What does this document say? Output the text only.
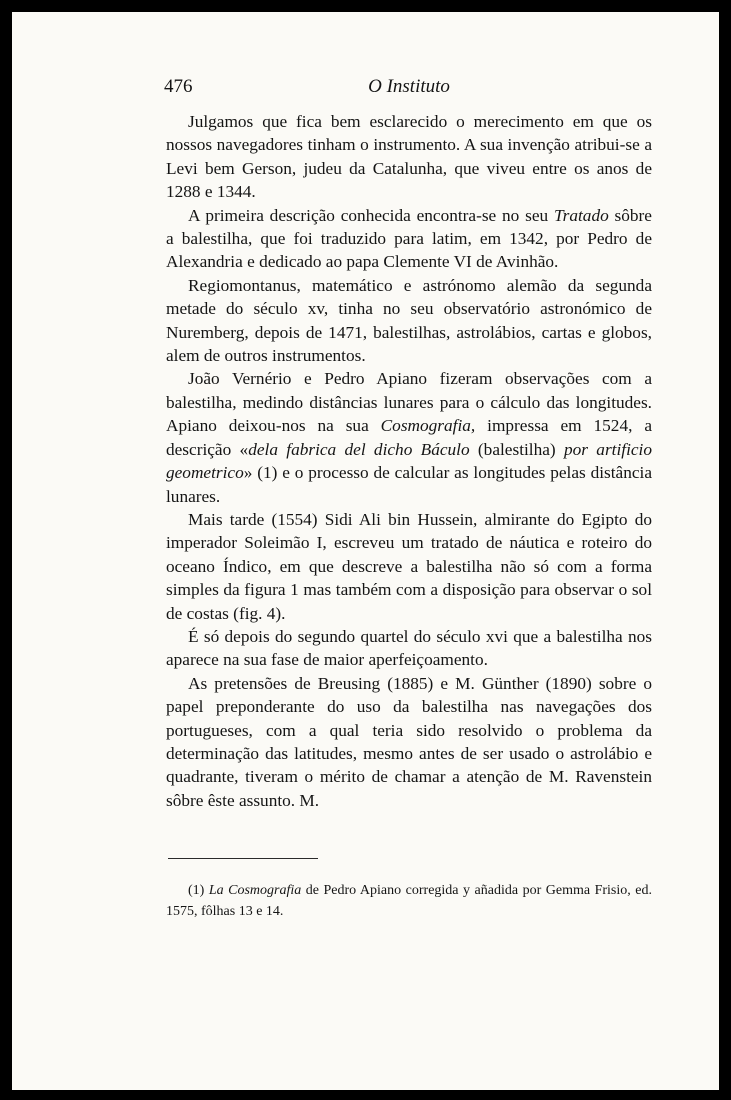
476	O Instituto

Julgamos que fica bem esclarecido o merecimento em que os nossos navegadores tinham o instrumento. A sua invenção atribui-se a Levi bem Gerson, judeu da Catalunha, que viveu entre os anos de 1288 e 1344.

A primeira descrição conhecida encontra-se no seu Tratado sôbre a balestilha, que foi traduzido para latim, em 1342, por Pedro de Alexandria e dedicado ao papa Clemente VI de Avinhão.

Regiomontanus, matemático e astrónomo alemão da segunda metade do século xv, tinha no seu observatório astronómico de Nuremberg, depois de 1471, balestilhas, astrolábios, cartas e globos, alem de outros instrumentos.

João Vernério e Pedro Apiano fizeram observações com a balestilha, medindo distâncias lunares para o cálculo das longitudes. Apiano deixou-nos na sua Cosmografia, impressa em 1524, a descrição «dela fabrica del dicho Báculo (balestilha) por artificio geometrico» (1) e o processo de calcular as longitudes pelas distância lunares.

Mais tarde (1554) Sidi Ali bin Hussein, almirante do Egipto do imperador Soleimão I, escreveu um tratado de náutica e roteiro do oceano Índico, em que descreve a balestilha não só com a forma simples da figura 1 mas também com a disposição para observar o sol de costas (fig. 4).

É só depois do segundo quartel do século xvi que a balestilha nos aparece na sua fase de maior aperfeiçoamento.

As pretensões de Breusing (1885) e M. Günther (1890) sobre o papel preponderante do uso da balestilha nas navegações dos portugueses, com a qual teria sido resolvido o problema da determinação das latitudes, mesmo antes de ser usado o astrolábio e quadrante, tiveram o mérito de chamar a atenção de M. Ravenstein sôbre êste assunto. M.

(1) La Cosmografia de Pedro Apiano corregida y añadida por Gemma Frisio, ed. 1575, fôlhas 13 e 14.
